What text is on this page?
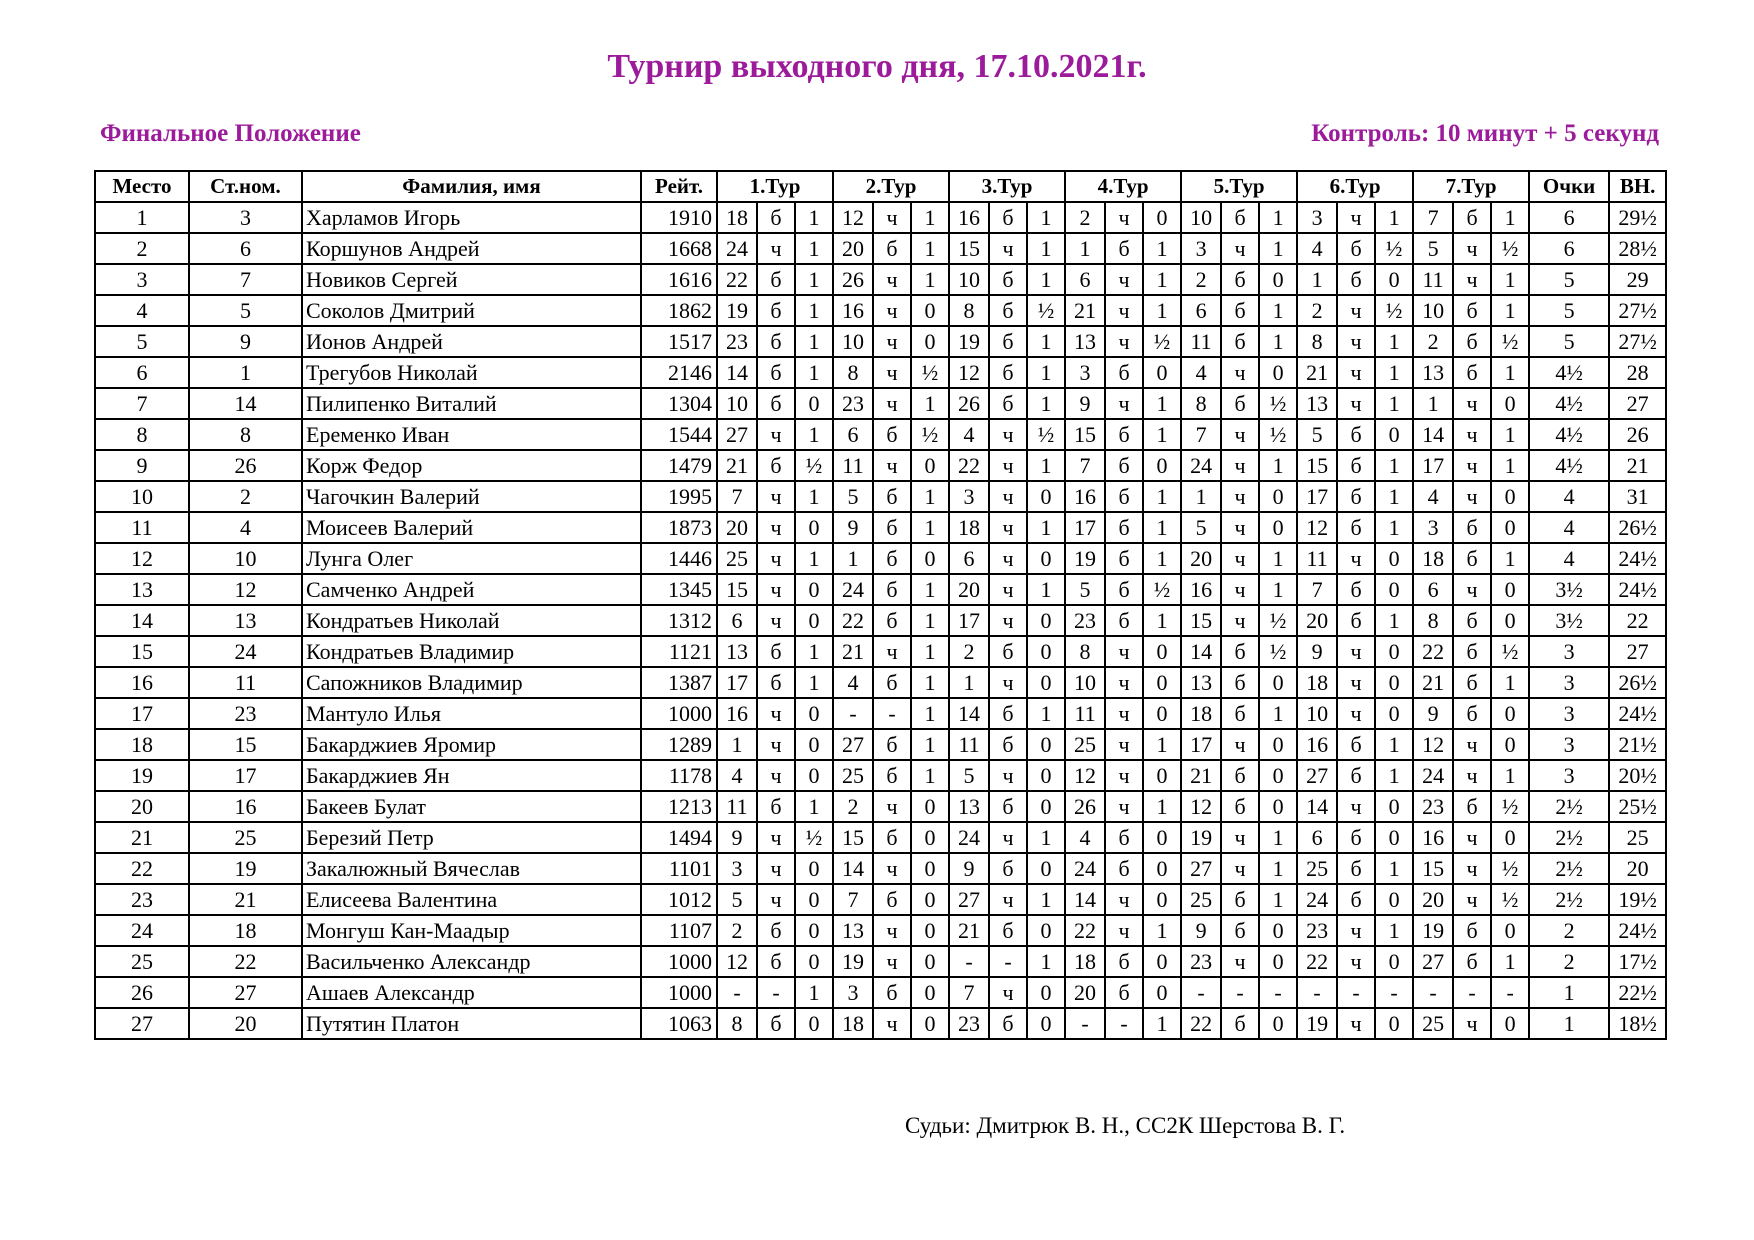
Турнир выходного дня, 17.10.2021г.
Финальное Положение	Контроль: 10 минут + 5 секунд
Место	Ст.ном.	Фамилия, имя	Рейт.	1.Тур			2.Тур			3.Тур			4.Тур			5.Тур			6.Тур			7.Тур			Очки	ВН.
1	3	Харламов Игорь	1910	18	б	1	12	ч	1	16	б	1	2	ч	0	10	б	1	3	ч	1	7	б	1	6	29½
2	6	Коршунов Андрей	1668	24	ч	1	20	б	1	15	ч	1	1	б	1	3	ч	1	4	б	½	5	ч	½	6	28½
3	7	Новиков Сергей	1616	22	б	1	26	ч	1	10	б	1	6	ч	1	2	б	0	1	б	0	11	ч	1	5	29
4	5	Соколов Дмитрий	1862	19	б	1	16	ч	0	8	б	½	21	ч	1	6	б	1	2	ч	½	10	б	1	5	27½
5	9	Ионов Андрей	1517	23	б	1	10	ч	0	19	б	1	13	ч	½	11	б	1	8	ч	1	2	б	½	5	27½
6	1	Трегубов Николай	2146	14	б	1	8	ч	½	12	б	1	3	б	0	4	ч	0	21	ч	1	13	б	1	4½	28
7	14	Пилипенко Виталий	1304	10	б	0	23	ч	1	26	б	1	9	ч	1	8	б	½	13	ч	1	1	ч	0	4½	27
8	8	Еременко Иван	1544	27	ч	1	6	б	½	4	ч	½	15	б	1	7	ч	½	5	б	0	14	ч	1	4½	26
9	26	Корж Федор	1479	21	б	½	11	ч	0	22	ч	1	7	б	0	24	ч	1	15	б	1	17	ч	1	4½	21
10	2	Чагочкин Валерий	1995	7	ч	1	5	б	1	3	ч	0	16	б	1	1	ч	0	17	б	1	4	ч	0	4	31
11	4	Моисеев Валерий	1873	20	ч	0	9	б	1	18	ч	1	17	б	1	5	ч	0	12	б	1	3	б	0	4	26½
12	10	Лунга Олег	1446	25	ч	1	1	б	0	6	ч	0	19	б	1	20	ч	1	11	ч	0	18	б	1	4	24½
13	12	Самченко Андрей	1345	15	ч	0	24	б	1	20	ч	1	5	б	½	16	ч	1	7	б	0	6	ч	0	3½	24½
14	13	Кондратьев Николай	1312	6	ч	0	22	б	1	17	ч	0	23	б	1	15	ч	½	20	б	1	8	б	0	3½	22
15	24	Кондратьев Владимир	1121	13	б	1	21	ч	1	2	б	0	8	ч	0	14	б	½	9	ч	0	22	б	½	3	27
16	11	Сапожников Владимир	1387	17	б	1	4	б	1	1	ч	0	10	ч	0	13	б	0	18	ч	0	21	б	1	3	26½
17	23	Мантуло Илья	1000	16	ч	0	-	-	1	14	б	1	11	ч	0	18	б	1	10	ч	0	9	б	0	3	24½
18	15	Бакарджиев Яромир	1289	1	ч	0	27	б	1	11	б	0	25	ч	1	17	ч	0	16	б	1	12	ч	0	3	21½
19	17	Бакарджиев Ян	1178	4	ч	0	25	б	1	5	ч	0	12	ч	0	21	б	0	27	б	1	24	ч	1	3	20½
20	16	Бакеев Булат	1213	11	б	1	2	ч	0	13	б	0	26	ч	1	12	б	0	14	ч	0	23	б	½	2½	25½
21	25	Березий Петр	1494	9	ч	½	15	б	0	24	ч	1	4	б	0	19	ч	1	6	б	0	16	ч	0	2½	25
22	19	Закалюжный Вячеслав	1101	3	ч	0	14	ч	0	9	б	0	24	б	0	27	ч	1	25	б	1	15	ч	½	2½	20
23	21	Елисеева Валентина	1012	5	ч	0	7	б	0	27	ч	1	14	ч	0	25	б	1	24	б	0	20	ч	½	2½	19½
24	18	Монгуш Кан-Маадыр	1107	2	б	0	13	ч	0	21	б	0	22	ч	1	9	б	0	23	ч	1	19	б	0	2	24½
25	22	Васильченко Александр	1000	12	б	0	19	ч	0	-	-	1	18	б	0	23	ч	0	22	ч	0	27	б	1	2	17½
26	27	Ашаев Александр	1000	-	-	1	3	б	0	7	ч	0	20	б	0	-	-	-	-	-	-	-	-	-	1	22½
27	20	Путятин Платон	1063	8	б	0	18	ч	0	23	б	0	-	-	1	22	б	0	19	ч	0	25	ч	0	1	18½
Судьи: Дмитрюк В. Н., СС2К Шерстова В. Г.
